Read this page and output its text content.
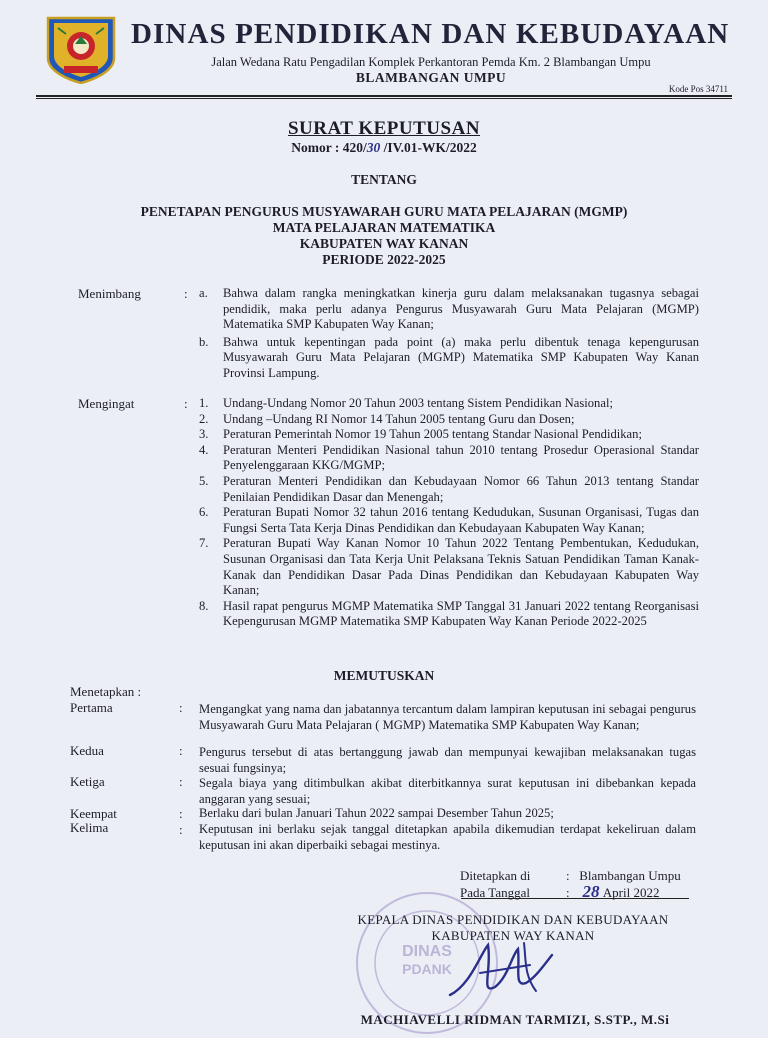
DINAS PENDIDIKAN DAN KEBUDAYAAN
Jalan Wedana Ratu Pengadilan Komplek Perkantoran Pemda Km. 2 Blambangan Umpu
BLAMBANGAN UMPU
Kode Pos 34711
SURAT KEPUTUSAN
Nomor : 420/30 /IV.01-WK/2022
TENTANG
PENETAPAN PENGURUS MUSYAWARAH GURU MATA PELAJARAN (MGMP)
MATA PELAJARAN MATEMATIKA
KABUPATEN WAY KANAN
PERIODE 2022-2025
Menimbang	: a. Bahwa dalam rangka meningkatkan kinerja guru dalam melaksanakan tugasnya sebagai pendidik, maka perlu adanya Pengurus Musyawarah Guru Mata Pelajaran (MGMP) Matematika SMP Kabupaten Way Kanan;
b. Bahwa untuk kepentingan pada point (a) maka perlu dibentuk tenaga kepengurusan Musyawarah Guru Mata Pelajaran (MGMP) Matematika SMP Kabupaten Way Kanan Provinsi Lampung.
Mengingat	: 1. Undang-Undang Nomor 20 Tahun 2003 tentang Sistem Pendidikan Nasional;
2. Undang –Undang RI Nomor 14 Tahun 2005 tentang Guru dan Dosen;
3. Peraturan Pemerintah Nomor 19 Tahun 2005 tentang Standar Nasional Pendidikan;
4. Peraturan Menteri Pendidikan Nasional tahun 2010 tentang Prosedur Operasional Standar Penyelenggaraan KKG/MGMP;
5. Peraturan Menteri Pendidikan dan Kebudayaan Nomor 66 Tahun 2013 tentang Standar Penilaian Pendidikan Dasar dan Menengah;
6. Peraturan Bupati Nomor 32 tahun 2016 tentang Kedudukan, Susunan Organisasi, Tugas dan Fungsi Serta Tata Kerja Dinas Pendidikan dan Kebudayaan Kabupaten Way Kanan;
7. Peraturan Bupati Way Kanan Nomor 10 Tahun 2022 Tentang Pembentukan, Kedudukan, Susunan Organisasi dan Tata Kerja Unit Pelaksana Teknis Satuan Pendidikan Taman Kanak-Kanak dan Pendidikan Dasar Pada Dinas Pendidikan dan Kebudayaan Kabupaten Way Kanan;
8. Hasil rapat pengurus MGMP Matematika SMP Tanggal 31 Januari 2022 tentang Reorganisasi Kepengurusan MGMP Matematika SMP Kabupaten Way Kanan Periode 2022-2025
MEMUTUSKAN
Menetapkan :
Pertama	: Mengangkat yang nama dan jabatannya tercantum dalam lampiran keputusan ini sebagai pengurus Musyawarah Guru Mata Pelajaran ( MGMP) Matematika SMP Kabupaten Way Kanan;
Kedua	: Pengurus tersebut di atas bertanggung jawab dan mempunyai kewajiban melaksanakan tugas sesuai fungsinya;
Ketiga	: Segala biaya yang ditimbulkan akibat diterbitkannya surat keputusan ini dibebankan kepada anggaran yang sesuai;
Keempat	: Berlaku dari bulan Januari Tahun 2022 sampai Desember Tahun 2025;
Kelima	: Keputusan ini berlaku sejak tanggal ditetapkan apabila dikemudian terdapat kekeliruan dalam keputusan ini akan diperbaiki sebagai mestinya.
DINAS
PDANK
Ditetapkan di	: Blambangan Umpu
Pada Tanggal	: 28 April 2022
KEPALA DINAS PENDIDIKAN DAN KEBUDAYAAN
KABUPATEN WAY KANAN
MACHIAVELLI RIDMAN TARMIZI, S.STP., M.Si
